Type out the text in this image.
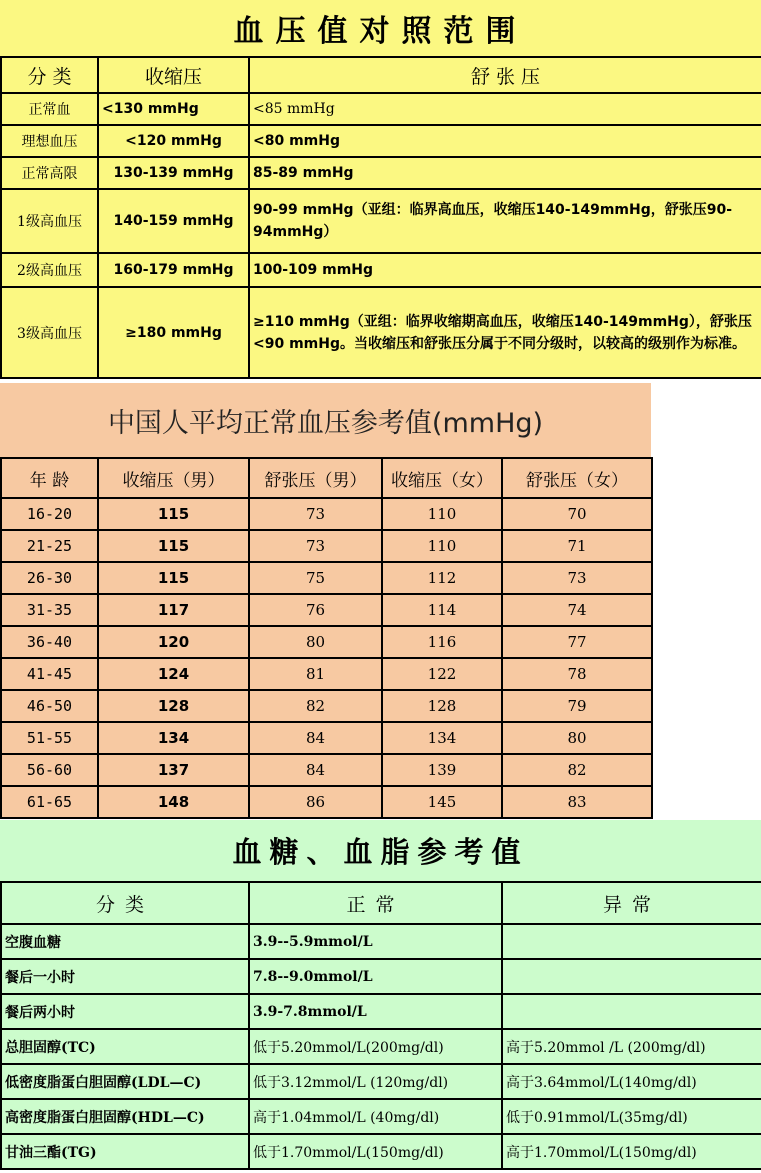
血压值对照范围
分 类	收缩压	舒 张 压
正常血	<130 mmHg	<85 mmHg
理想血压	<120 mmHg	<80 mmHg
正常高限	130-139 mmHg	85-89 mmHg
1级高血压	140-159 mmHg	90-99 mmHg（亚组：临界高血压，收缩压140-149mmHg，舒张压90-94mmHg）
2级高血压	160-179 mmHg	100-109 mmHg
3级高血压	≥180 mmHg	≥110 mmHg（亚组：临界收缩期高血压，收缩压140-149mmHg），舒张压<90 mmHg。当收缩压和舒张压分属于不同分级时，以较高的级别作为标准。
中国人平均正常血压参考值(mmHg)
年 龄	收缩压（男）	舒张压（男）	收缩压（女）	舒张压（女）
16-20	115	73	110	70
21-25	115	73	110	71
26-30	115	75	112	73
31-35	117	76	114	74
36-40	120	80	116	77
41-45	124	81	122	78
46-50	128	82	128	79
51-55	134	84	134	80
56-60	137	84	139	82
61-65	148	86	145	83
血糖、血脂参考值
分类	正常	异常
空腹血糖	3.9--5.9mmol/L	
餐后一小时	7.8--9.0mmol/L	
餐后两小时	3.9-7.8mmol/L	
总胆固醇(TC)	低于5.20mmol/L(200mg/dl)	高于5.20mmol /L (200mg/dl)
低密度脂蛋白胆固醇(LDL—C)	低于3.12mmol/L (120mg/dl)	高于3.64mmol/L(140mg/dl)
高密度脂蛋白胆固醇(HDL—C)	高于1.04mmol/L (40mg/dl)	低于0.91mmol/L(35mg/dl)
甘油三酯(TG)	低于1.70mmol/L(150mg/dl)	高于1.70mmol/L(150mg/dl)
